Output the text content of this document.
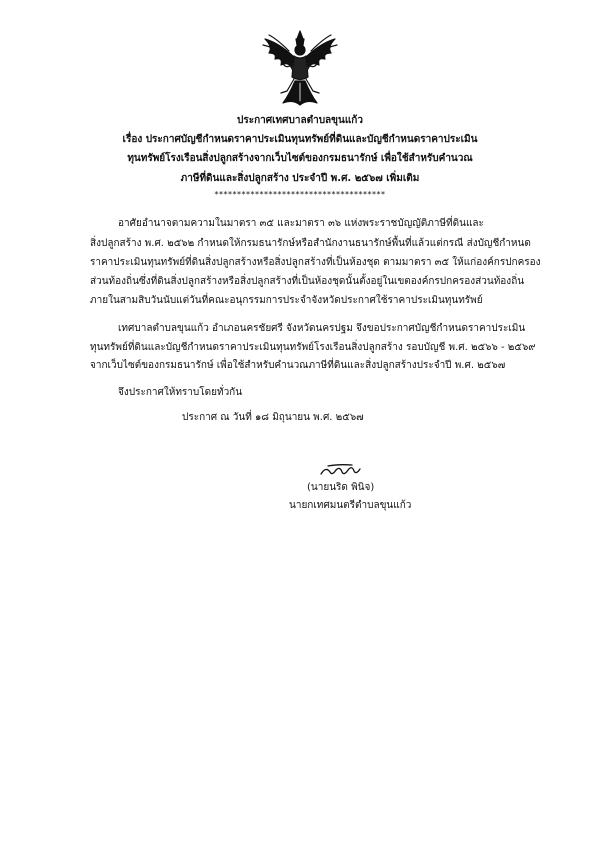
ประกาศเทศบาลตำบลขุนแก้ว
เรื่อง ประกาศบัญชีกำหนดราคาประเมินทุนทรัพย์ที่ดินและบัญชีกำหนดราคาประเมิน
ทุนทรัพย์โรงเรือนสิ่งปลูกสร้างจากเว็บไซต์ของกรมธนารักษ์ เพื่อใช้สำหรับคำนวณ
ภาษีที่ดินและสิ่งปลูกสร้าง ประจำปี พ.ศ. ๒๕๖๗ เพิ่มเติม
**************************************
อาศัยอำนาจตามความในมาตรา ๓๕ และมาตรา ๓๖ แห่งพระราชบัญญัติภาษีที่ดินและ
สิ่งปลูกสร้าง พ.ศ. ๒๕๖๒ กำหนดให้กรมธนารักษ์หรือสำนักงานธนารักษ์พื้นที่แล้วแต่กรณี ส่งบัญชีกำหนด
ราคาประเมินทุนทรัพย์ที่ดินสิ่งปลูกสร้างหรือสิ่งปลูกสร้างที่เป็นห้องชุด ตามมาตรา ๓๕ ให้แก่องค์กรปกครอง
ส่วนท้องถิ่นซึ่งที่ดินสิ่งปลูกสร้างหรือสิ่งปลูกสร้างที่เป็นห้องชุดนั้นตั้งอยู่ในเขตองค์กรปกครองส่วนท้องถิ่น
ภายในสามสิบวันนับแต่วันที่คณะอนุกรรมการประจำจังหวัดประกาศใช้ราคาประเมินทุนทรัพย์
เทศบาลตำบลขุนแก้ว อำเภอนครชัยศรี จังหวัดนครปฐม จึงขอประกาศบัญชีกำหนดราคาประเมิน
ทุนทรัพย์ที่ดินและบัญชีกำหนดราคาประเมินทุนทรัพย์โรงเรือนสิ่งปลูกสร้าง รอบบัญชี พ.ศ. ๒๕๖๖ - ๒๕๖๙
จากเว็บไซต์ของกรมธนารักษ์ เพื่อใช้สำหรับคำนวณภาษีที่ดินและสิ่งปลูกสร้างประจำปี พ.ศ. ๒๕๖๗
จึงประกาศให้ทราบโดยทั่วกัน
ประกาศ ณ วันที่ ๑๘ มิถุนายน พ.ศ. ๒๕๖๗
(นายนริด พินิจ)
นายกเทศมนตรีตำบลขุนแก้ว
